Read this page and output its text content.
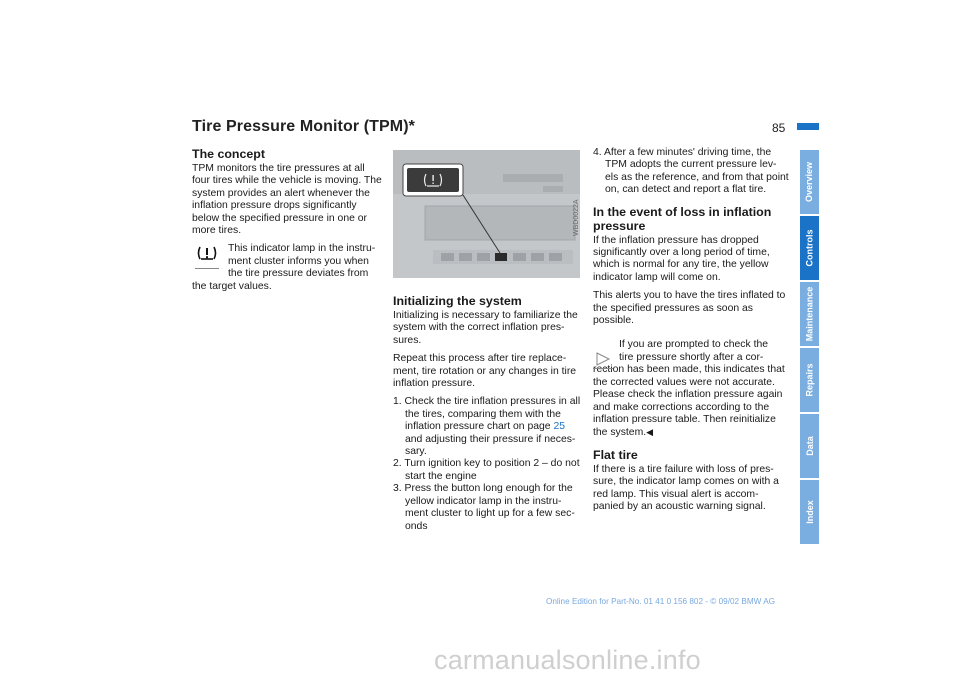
Tire Pressure Monitor (TPM)*	85
The concept

TPM monitors the tire pressures at all four tires while the vehicle is moving. The system provides an alert whenever the inflation pressure drops significantly below the specified pressure in one or more tires.

This indicator lamp in the instru-
ment cluster informs you when
the tire pressure deviates from
the target values.
WBD0022A
Initializing the system

Initializing is necessary to familiarize the system with the correct inflation pres-sures.

Repeat this process after tire replace-ment, tire rotation or any changes in tire inflation pressure.

1. Check the tire inflation pressures in all the tires, comparing them with the inflation pressure chart on page 25 and adjusting their pressure if neces-sary.
2. Turn ignition key to position 2 – do not start the engine
3. Press the button long enough for the yellow indicator lamp in the instru-ment cluster to light up for a few sec-onds

4. After a few minutes' driving time, the TPM adopts the current pressure lev-els as the reference, and from that point on, can detect and report a flat tire.

In the event of loss in inflation pressure

If the inflation pressure has dropped significantly over a long period of time, which is normal for any tire, the yellow indicator lamp will come on.

This alerts you to have the tires inflated to the specified pressures as soon as possible.

If you are prompted to check the
tire pressure shortly after a cor-

rection has been made, this indicates that the corrected values were not accurate. Please check the inflation pressure again and make corrections according to the inflation pressure table. Then reinitialize the system.◀

Flat tire

If there is a tire failure with loss of pres-sure, the indicator lamp comes on with a red lamp. This visual alert is accom-panied by an acoustic warning signal.

Overview
Controls
Maintenance
Repairs
Data
Index
Online Edition for Part-No. 01 41 0 156 802 - © 09/02 BMW AG
carmanualsonline.info
